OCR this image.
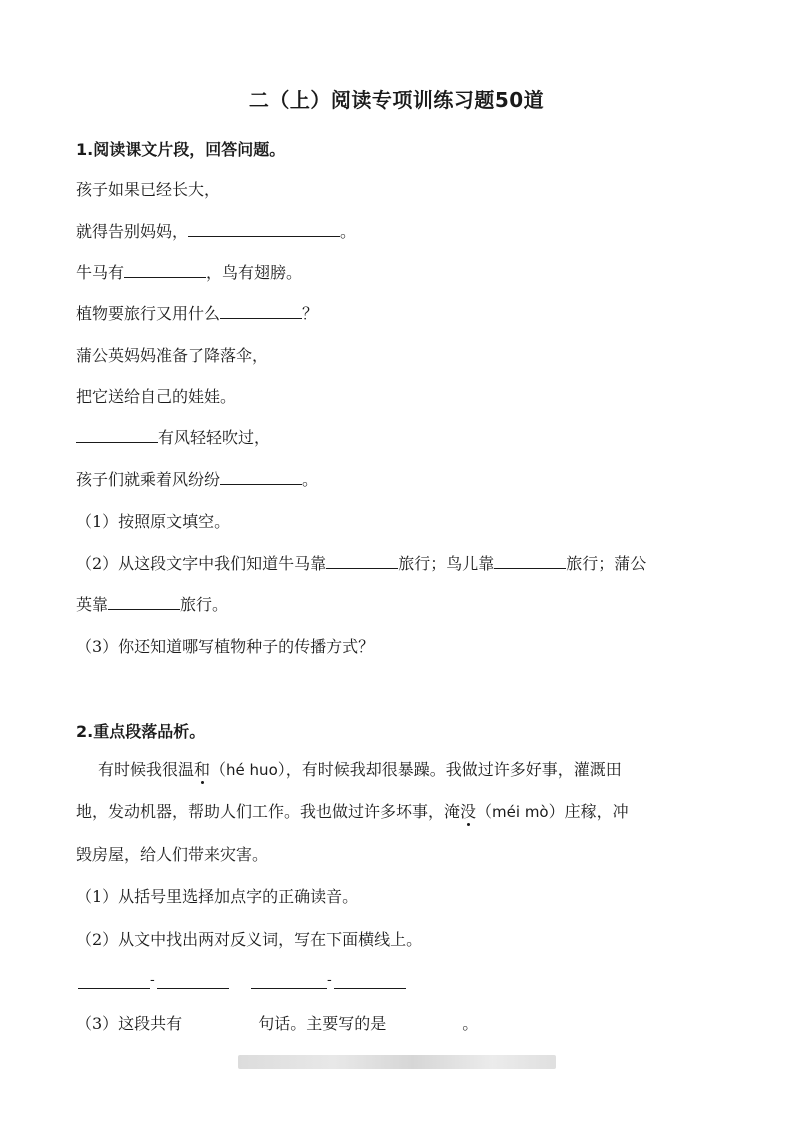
二（上）阅读专项训练习题50道
1.阅读课文片段，回答问题。
孩子如果已经长大，
就得告别妈妈，	。
牛马有	，鸟有翅膀。
植物要旅行又用什么	？
蒲公英妈妈准备了降落伞，
把它送给自己的娃娃。
有风轻轻吹过，
孩子们就乘着风纷纷	。
（1）按照原文填空。
（2）从这段文字中我们知道牛马靠	旅行；鸟儿靠	旅行；蒲公
英靠	旅行。
（3）你还知道哪写植物种子的传播方式？
2.重点段落品析。
有时候我很温和（hé huo），有时候我却很暴躁。我做过许多好事，灌溉田
地，发动机器，帮助人们工作。我也做过许多坏事，淹没（méi mò）庄稼，冲
毁房屋，给人们带来灾害。
（1）从括号里选择加点字的正确读音。
（2）从文中找出两对反义词，写在下面横线上。
-	-
（3）这段共有	句话。主要写的是	。
